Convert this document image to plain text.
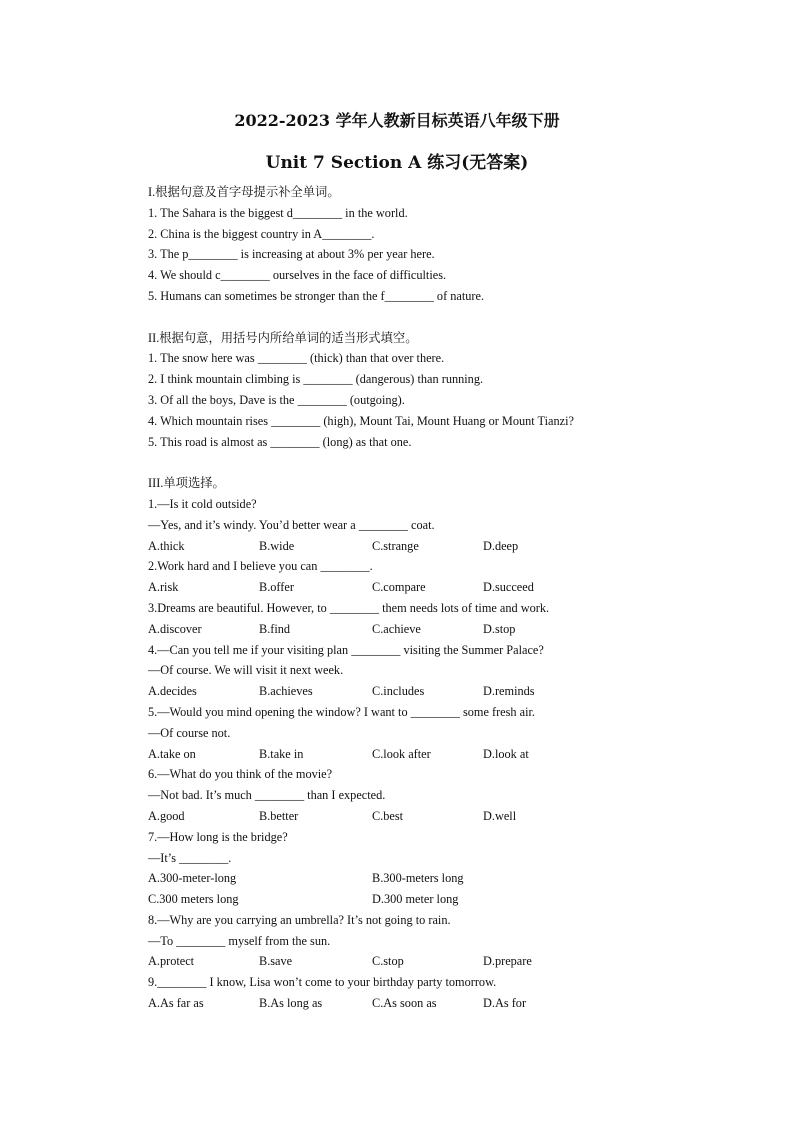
2022-2023 学年人教新目标英语八年级下册
Unit 7 Section A 练习(无答案)
I.根据句意及首字母提示补全单词。
1. The Sahara is the biggest d________ in the world.
2. China is the biggest country in A________.
3. The p________ is increasing at about 3% per year here.
4. We should c________ ourselves in the face of difficulties.
5. Humans can sometimes be stronger than the f________ of nature.
II.根据句意，用括号内所给单词的适当形式填空。
1. The snow here was ________ (thick) than that over there.
2. I think mountain climbing is ________ (dangerous) than running.
3. Of all the boys, Dave is the ________ (outgoing).
4. Which mountain rises ________ (high), Mount Tai, Mount Huang or Mount Tianzi?
5. This road is almost as ________ (long) as that one.
III.单项选择。
1.—Is it cold outside?
—Yes, and it’s windy. You’d better wear a ________ coat.
A.thick	B.wide	C.strange	D.deep
2.Work hard and I believe you can ________.
A.risk	B.offer	C.compare	D.succeed
3.Dreams are beautiful. However, to ________ them needs lots of time and work.
A.discover	B.find	C.achieve	D.stop
4.—Can you tell me if your visiting plan ________ visiting the Summer Palace?
—Of course. We will visit it next week.
A.decides	B.achieves	C.includes	D.reminds
5.—Would you mind opening the window? I want to ________ some fresh air.
—Of course not.
A.take on	B.take in	C.look after	D.look at
6.—What do you think of the movie?
—Not bad. It’s much ________ than I expected.
A.good	B.better	C.best	D.well
7.—How long is the bridge?
—It’s ________.
A.300-meter-long	B.300-meters long
C.300 meters long	D.300 meter long
8.—Why are you carrying an umbrella? It’s not going to rain.
—To ________ myself from the sun.
A.protect	B.save	C.stop	D.prepare
9.________ I know, Lisa won’t come to your birthday party tomorrow.
A.As far as	B.As long as	C.As soon as	D.As for
